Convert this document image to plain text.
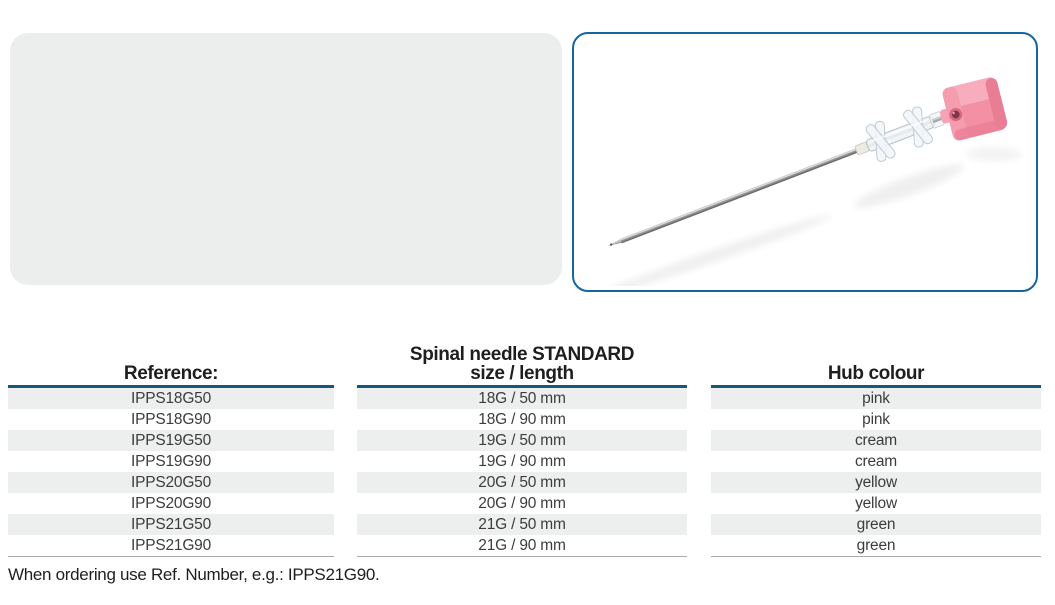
Reference:
Spinal needle STANDARD
size / length	Hub colour
IPPS18G50
IPPS18G90
IPPS19G50
IPPS19G90
IPPS20G50
IPPS20G90
IPPS21G50
IPPS21G90
18G / 50 mm
18G / 90 mm
19G / 50 mm
19G / 90 mm
20G / 50 mm
20G / 90 mm
21G / 50 mm
21G / 90 mm
pink
pink
cream
cream
yellow
yellow
green
green
When ordering use Ref. Number, e.g.: IPPS21G90.
